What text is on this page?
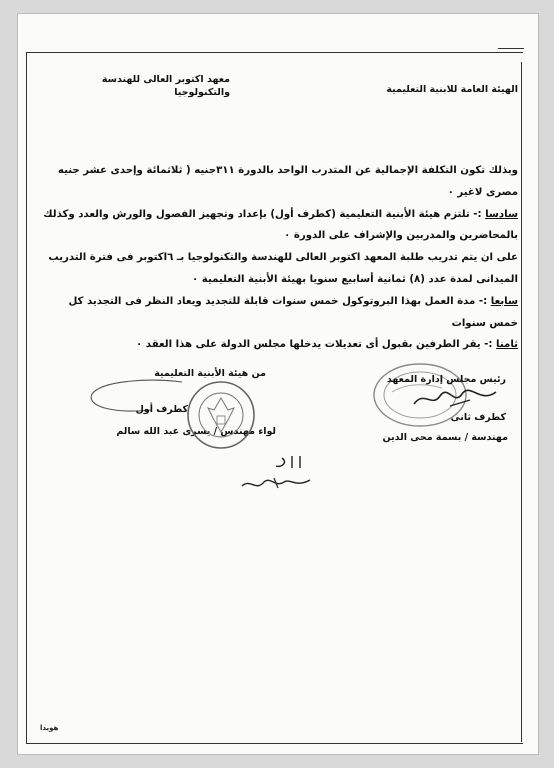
الهيئة العامة للابنية التعليمية
معهد اكتوبر العالى للهندسة
والتكنولوجيا
وبذلك تكون التكلفة الإجمالية عن المتدرب الواحد بالدورة ٣١١جنيه ( ثلاثمائة وإحدى عشر جنيه
مصرى لاغير ٠
سادسا :- تلتزم هيئة الأبنية التعليمية (كطرف أول) بإعداد وتجهيز الفصول والورش والعدد وكذلك
بالمحاضرين والمدربين والإشراف على الدورة ٠
على ان يتم تدريب طلبة المعهد اكتوبر العالى للهندسة والتكنولوجيا بـ ٦اكتوبر فى فترة التدريب
الميدانى لمدة عدد (٨) ثمانية أسابيع سنويا بهيئة الأبنية التعليمية ٠
سابعا :- مدة العمل بهذا البروتوكول خمس سنوات قابلة للتجديد ويعاد النظر فى التجديد كل
خمس سنوات
ثامنا :- يقر الطرفين بقبول أى تعديلات يدخلها مجلس الدولة على هذا العقد ٠
رئيس مجلس إدارة المعهد
كطرف ثانى
مهندسة / بسمة محى الدين
من هيئة الأبنية التعليمية
كطرف أول
لواء مهندس / يسرى عبد الله سالم
هويدا
